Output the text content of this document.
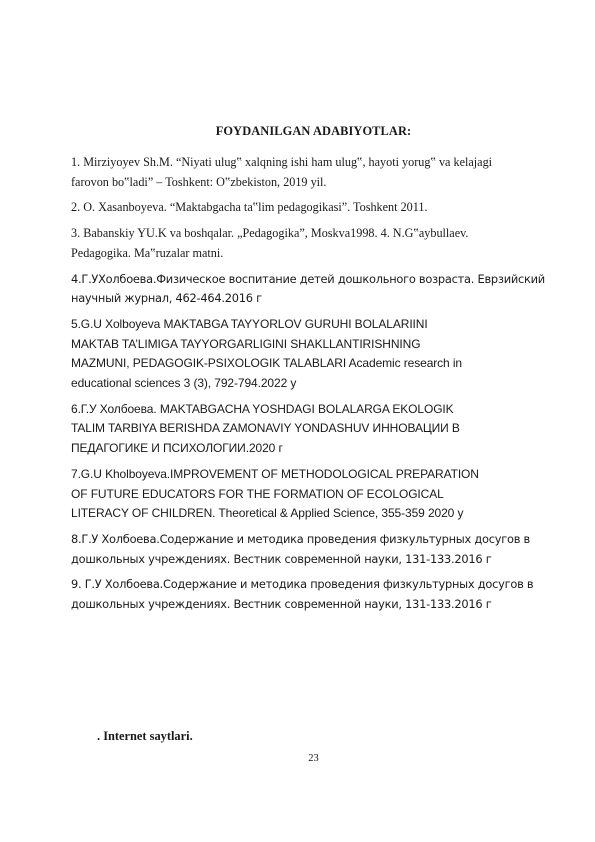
FOYDANILGAN ADABIYOTLAR:
1. Mirziyoyev Sh.M. “Niyati ulug‟ xalqning ishi ham ulug‟, hayoti yorug‟ va kelajagi
farovon bo‟ladi” – Toshkent: O‟zbekiston, 2019 yil.
2. O. Xasanboyeva. “Maktabgacha ta‟lim pedagogikasi”. Toshkent 2011.
3. Babanskiy YU.K va boshqalar. „Pеdagogika”, Moskva1998. 4. N.G‟aybullaev.
Pedagogika. Ma‟ruzalar matni.
4.Г.УХолбоева.Физическое воспитание детей дошкольного возраста. Еврзийский
научный журнал, 462-464.2016 г
5.G.U Xolboyeva MAKTABGA TAYYORLOV GURUHI BOLALARIINI
MAKTAB TA’LIMIGA TAYYORGARLIGINI SHAKLLANTIRISHNING
MAZMUNI, PEDAGOGIK-PSIXOLOGIK TALABLARI Academic research in
educational sciences 3 (3), 792-794.2022 y
6.Г.У Холбоева. MAKTABGACHA YOSHDAGI BOLALARGA EKOLOGIK
TALIM TARBIYA BERISHDA ZAMONAVIY YONDASHUV ИННОВАЦИИ В
ПЕДАГОГИКЕ И ПСИХОЛОГИИ.2020 г
7.G.U Kholboyeva.IMPROVEMENT OF METHODOLOGICAL PREPARATION
OF FUTURE EDUCATORS FOR THE FORMATION OF ECOLOGICAL
LITERACY OF CHILDREN. Theoretical & Applied Science, 355-359 2020 y
8.Г.У Холбоева.Содержание и методика проведения физкультурных досугов в
дошкольных учреждениях. Вестник современной науки, 131-133.2016 г
9. Г.У Холбоева.Содержание и методика проведения физкультурных досугов в
дошкольных учреждениях. Вестник современной науки, 131-133.2016 г
. Internet saytlari.
23
